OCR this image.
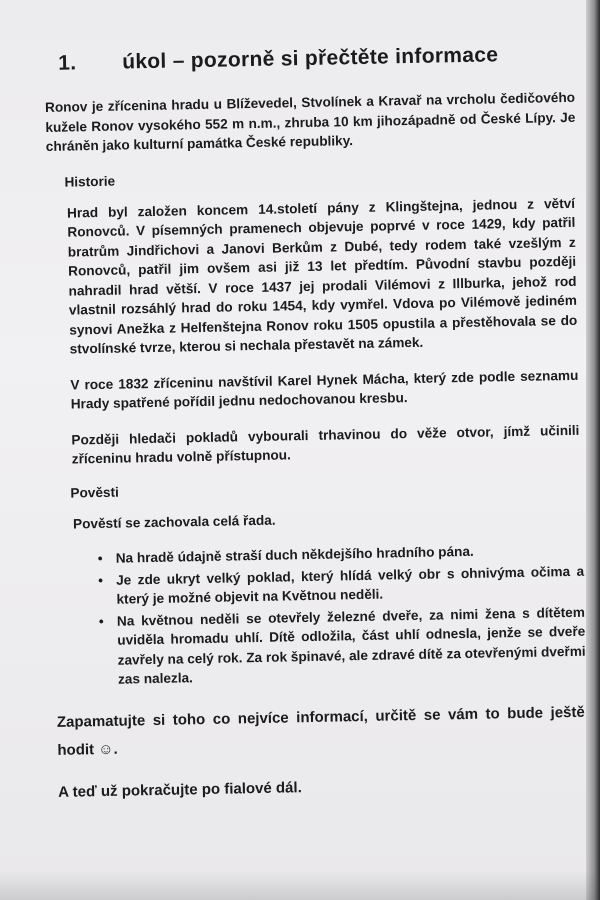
1. úkol – pozorně si přečtěte informace

Ronov je zřícenina hradu u Blíževedel, Stvolínek a Kravař na vrcholu čedičového kužele Ronov vysokého 552 m n.m., zhruba 10 km jihozápadně od České Lípy. Je chráněn jako kulturní památka České republiky.

Historie

Hrad byl založen koncem 14.století pány z Klingštejna, jednou z větví Ronovců. V písemných pramenech objevuje poprvé v roce 1429, kdy patřil bratrům Jindřichovi a Janovi Berkům z Dubé, tedy rodem také vzešlým z Ronovců, patřil jim ovšem asi již 13 let předtím. Původní stavbu později nahradil hrad větší. V roce 1437 jej prodali Vilémovi z Illburka, jehož rod vlastnil rozsáhlý hrad do roku 1454, kdy vymřel. Vdova po Vilémově jediném synovi Anežka z Helfenštejna Ronov roku 1505 opustila a přestěhovala se do stvolínské tvrze, kterou si nechala přestavět na zámek.

V roce 1832 zříceninu navštívil Karel Hynek Mácha, který zde podle seznamu Hrady spatřené pořídil jednu nedochovanou kresbu.

Později hledači pokladů vybourali trhavinou do věže otvor, jímž učinili zříceninu hradu volně přístupnou.

Pověsti

Pověstí se zachovala celá řada.

• Na hradě údajně straší duch někdejšího hradního pána.
• Je zde ukryt velký poklad, který hlídá velký obr s ohnivýma očima a který je možné objevit na Květnou neděli.
• Na květnou neděli se otevřely železné dveře, za nimi žena s dítětem uviděla hromadu uhlí. Dítě odložila, část uhlí odnesla, jenže se dveře zavřely na celý rok. Za rok špinavé, ale zdravé dítě za otevřenými dveřmi zas nalezla.

Zapamatujte si toho co nejvíce informací, určitě se vám to bude ještě hodit ☺.

A teď už pokračujte po fialové dál.
